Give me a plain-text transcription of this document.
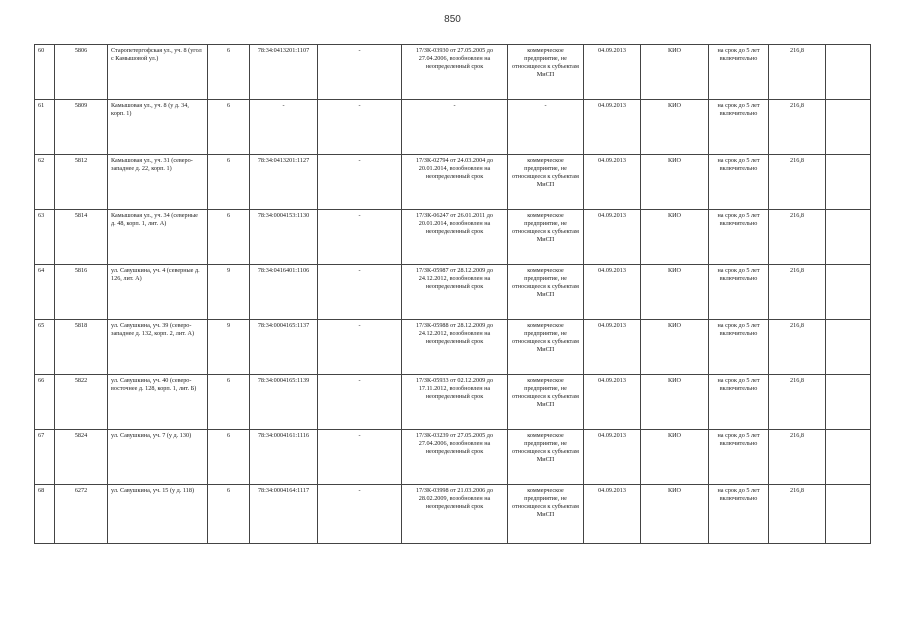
850
60	5806	Старопетергофская ул., уч. 8 (угол с Камышовой ул.)	6	78:34:0413201:1107	-	17/ЗК-03930 от 27.05.2005 до 27.04.2006, возобновлен на неопределенный срок	коммерческое предприятие, не относящееся к субъектам МиСП	04.09.2013	КИО	на срок до 5 лет включительно	216,8	
61	5809	Камышовая ул., уч. 8 (у д. 34, корп. 1)	6	-	-	-	-	04.09.2013	КИО	на срок до 5 лет включительно	216,8	
62	5812	Камышовая ул., уч. 31 (северо-западнее д. 22, корп. 1)	6	78:34:0413201:1127	-	17/ЗК-02794 от 24.03.2004 до 20.01.2014, возобновлен на неопределенный срок	коммерческое предприятие, не относящееся к субъектам МиСП	04.09.2013	КИО	на срок до 5 лет включительно	216,8	
63	5814	Камышовая ул., уч. 34 (северные д. 48, корп. 1, лит. А)	6	78:34:0004153:1130	-	17/ЗК-06247 от 26.01.2011 до 20.01.2014, возобновлен на неопределенный срок	коммерческое предприятие, не относящееся к субъектам МиСП	04.09.2013	КИО	на срок до 5 лет включительно	216,8	
64	5816	ул. Савушкина, уч. 4 (северные д. 126, лит. А)	9	78:34:0416401:1106	-	17/ЗК-05987 от 28.12.2009 до 24.12.2012, возобновлен на неопределенный срок	коммерческое предприятие, не относящееся к субъектам МиСП	04.09.2013	КИО	на срок до 5 лет включительно	216,8	
65	5818	ул. Савушкина, уч. 39 (северо-западнее д. 132, корп. 2, лит. А)	9	78:34:0004165:1137	-	17/ЗК-05988 от 28.12.2009 до 24.12.2012, возобновлен на неопределенный срок	коммерческое предприятие, не относящееся к субъектам МиСП	04.09.2013	КИО	на срок до 5 лет включительно	216,8	
66	5822	ул. Савушкина, уч. 40 (северо-восточнее д. 128, корп. 1, лит. Б)	6	78:34:0004165:1139	-	17/ЗК-05933 от 02.12.2009 до 17.11.2012, возобновлен на неопределенный срок	коммерческое предприятие, не относящееся к субъектам МиСП	04.09.2013	КИО	на срок до 5 лет включительно	216,8	
67	5824	ул. Савушкина, уч. 7 (у д. 130)	6	78:34:0004161:1116	-	17/ЗК-03239 от 27.05.2005 до 27.04.2006, возобновлен на неопределенный срок	коммерческое предприятие, не относящееся к субъектам МиСП	04.09.2013	КИО	на срок до 5 лет включительно	216,8	
68	6272	ул. Савушкина, уч. 15 (у д. 118)	6	78:34:0004164:1117	-	17/ЗК-03998 от 21.03.2006 до 28.02.2009, возобновлен на неопределенный срок	коммерческое предприятие, не относящееся к субъектам МиСП	04.09.2013	КИО	на срок до 5 лет включительно	216,8	
